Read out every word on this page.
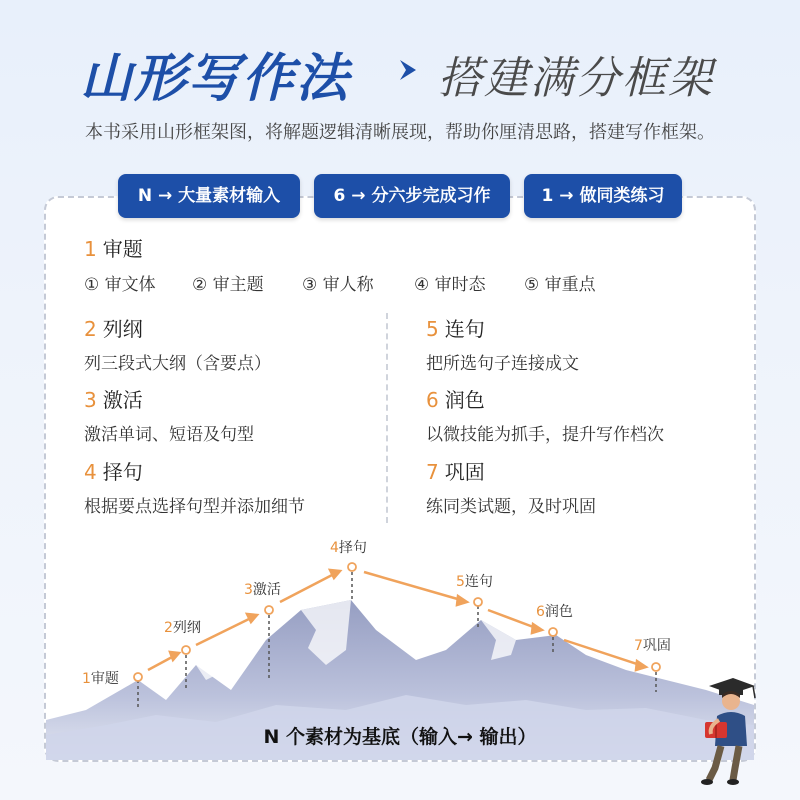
山形写作法 搭建满分框架
本书采用山形框架图，将解题逻辑清晰展现，帮助你厘清思路，搭建写作框架。
N → 大量素材输入	6 → 分六步完成习作	1 → 做同类练习
1 审题
① 审文体 ② 审主题 ③ 审人称 ④ 审时态 ⑤ 审重点
2 列纲
列三段式大纲（含要点）
3 激活
激活单词、短语及句型
4 择句
根据要点选择句型并添加细节
5 连句
把所选句子连接成文
6 润色
以微技能为抓手，提升写作档次
7 巩固
练同类试题，及时巩固
1审题
2列纲
3激活
4择句
5连句
6润色
7巩固
N 个素材为基底（输入→ 输出）
